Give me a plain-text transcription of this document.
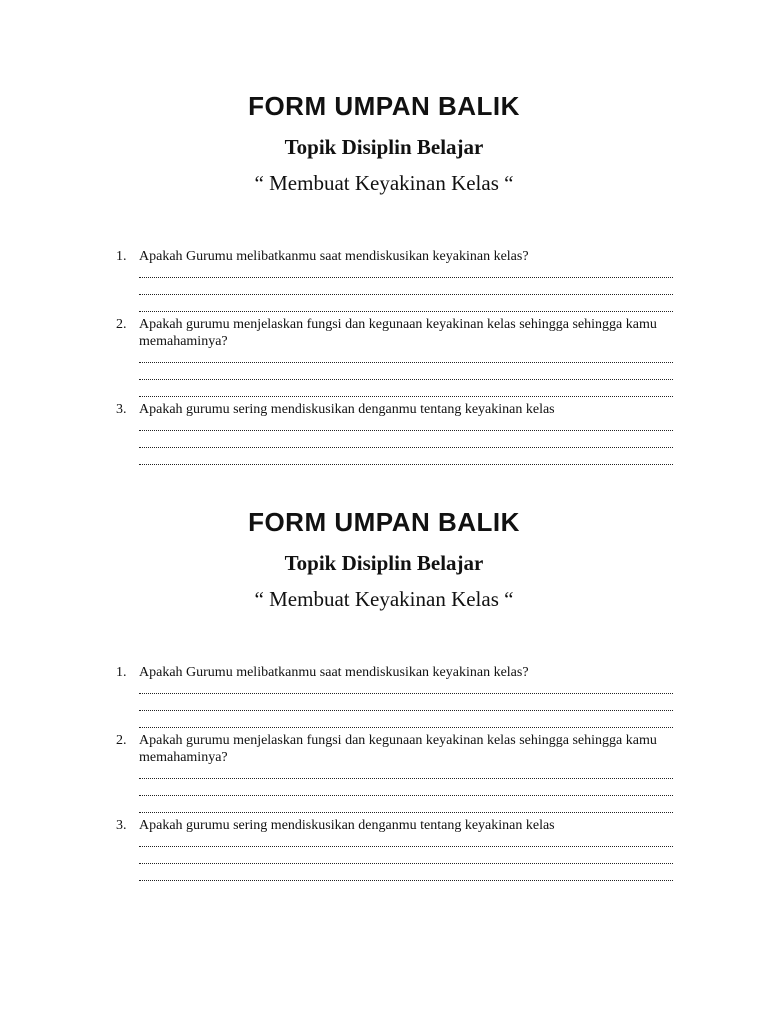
FORM UMPAN BALIK
Topik Disiplin Belajar
“ Membuat Keyakinan Kelas “
1. Apakah Gurumu melibatkanmu saat mendiskusikan keyakinan kelas?
2. Apakah gurumu menjelaskan fungsi dan kegunaan keyakinan kelas sehingga sehingga kamu memahaminya?
3. Apakah gurumu sering mendiskusikan denganmu tentang keyakinan kelas
FORM UMPAN BALIK
Topik Disiplin Belajar
“ Membuat Keyakinan Kelas “
1. Apakah Gurumu melibatkanmu saat mendiskusikan keyakinan kelas?
2. Apakah gurumu menjelaskan fungsi dan kegunaan keyakinan kelas sehingga sehingga kamu memahaminya?
3. Apakah gurumu sering mendiskusikan denganmu tentang keyakinan kelas
